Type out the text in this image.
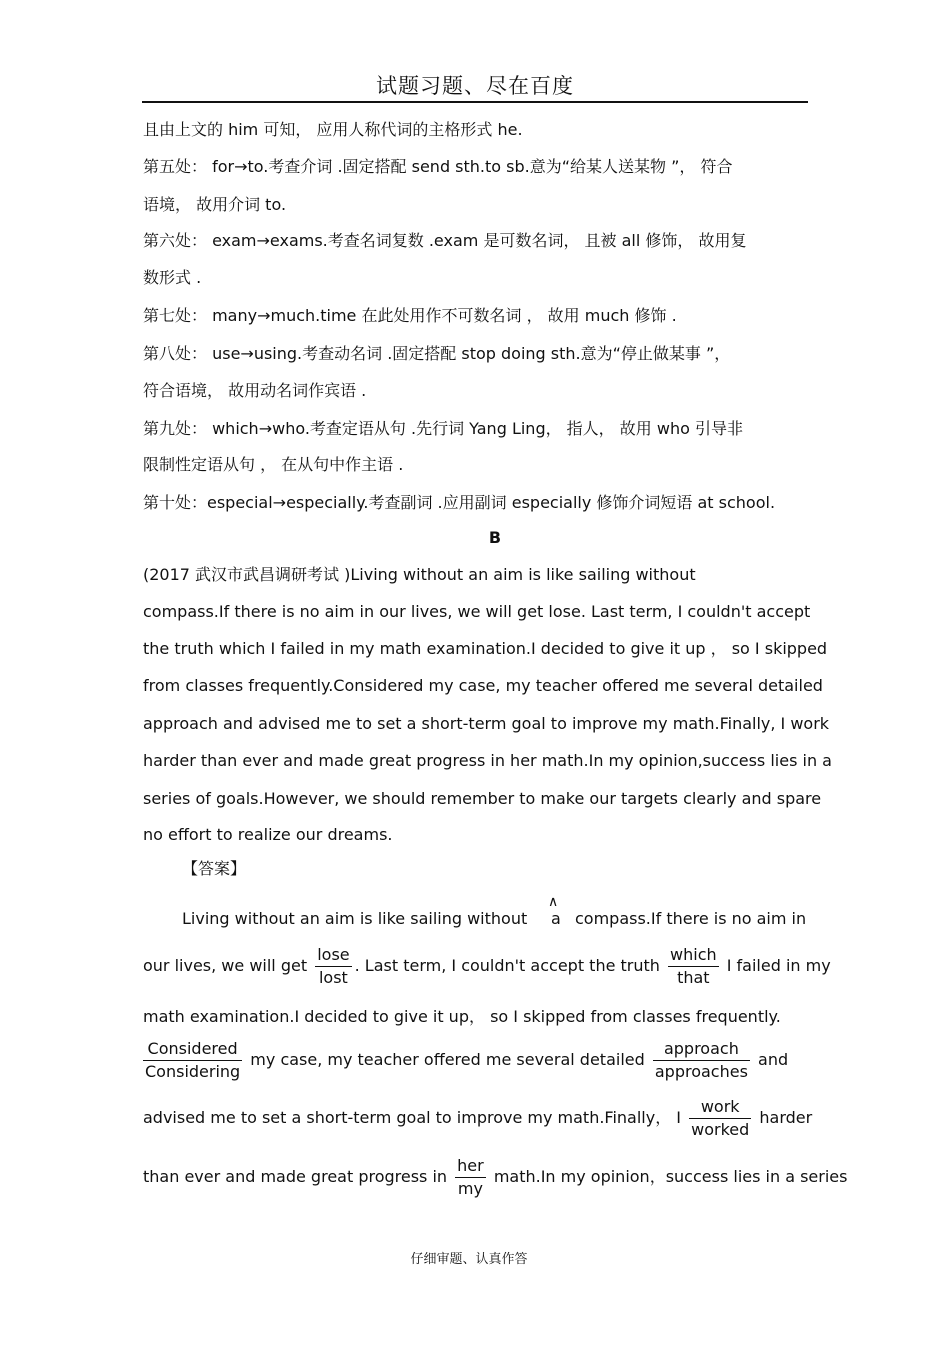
试题习题、尽在百度
且由上文的 him 可知， 应用人称代词的主格形式 he.
第五处： for→to.考查介词 .固定搭配 send sth.to sb.意为“给某人送某物 ”， 符合
语境， 故用介词 to.
第六处： exam→exams.考查名词复数 .exam 是可数名词， 且被 all 修饰， 故用复
数形式 .
第七处： many→much.time 在此处用作不可数名词 ， 故用 much 修饰 .
第八处： use→using.考查动名词 .固定搭配 stop doing sth.意为“停止做某事 ”，
符合语境， 故用动名词作宾语 .
第九处： which→who.考查定语从句 .先行词 Yang Ling， 指人， 故用 who 引导非
限制性定语从句 ， 在从句中作主语 .
第十处：especial→especially.考查副词 .应用副词 especially 修饰介词短语 at school.
B
(2017 武汉市武昌调研考试 )Living without an aim is like sailing without
compass.If there is no aim in our lives, we will get lose. Last term, I couldn't accept
the truth which I failed in my math examination.I decided to give it up ， so I skipped
from classes frequently.Considered my case, my teacher offered me several detailed
approach and advised me to set a short-term goal to improve my math.Finally, I work
harder than ever and made great progress in her math.In my opinion,success lies in a
series of goals.However, we should remember to make our targets clearly and spare
no effort to realize our dreams.
【答案】
Living without an aim is like sailing without
∧
a compass.If there is no aim in
our lives, we will get $\frac{\text{lose}}{\text{lost}}$ . Last term, I couldn't accept the truth $\frac{\text{which}}{\text{that}}$ I failed in my
math examination.I decided to give it up， so I skipped from classes frequently.
$\frac{\text{Considered}}{\text{Considering}}$ my case, my teacher offered me several detailed $\frac{\text{approach}}{\text{approaches}}$ and
advised me to set a short-term goal to improve my math.Finally， I $\frac{\text{work}}{\text{worked}}$ harder
than ever and made great progress in $\frac{\text{her}}{my}$ math.In my opinion，success lies in a series
仔细审题、认真作答
